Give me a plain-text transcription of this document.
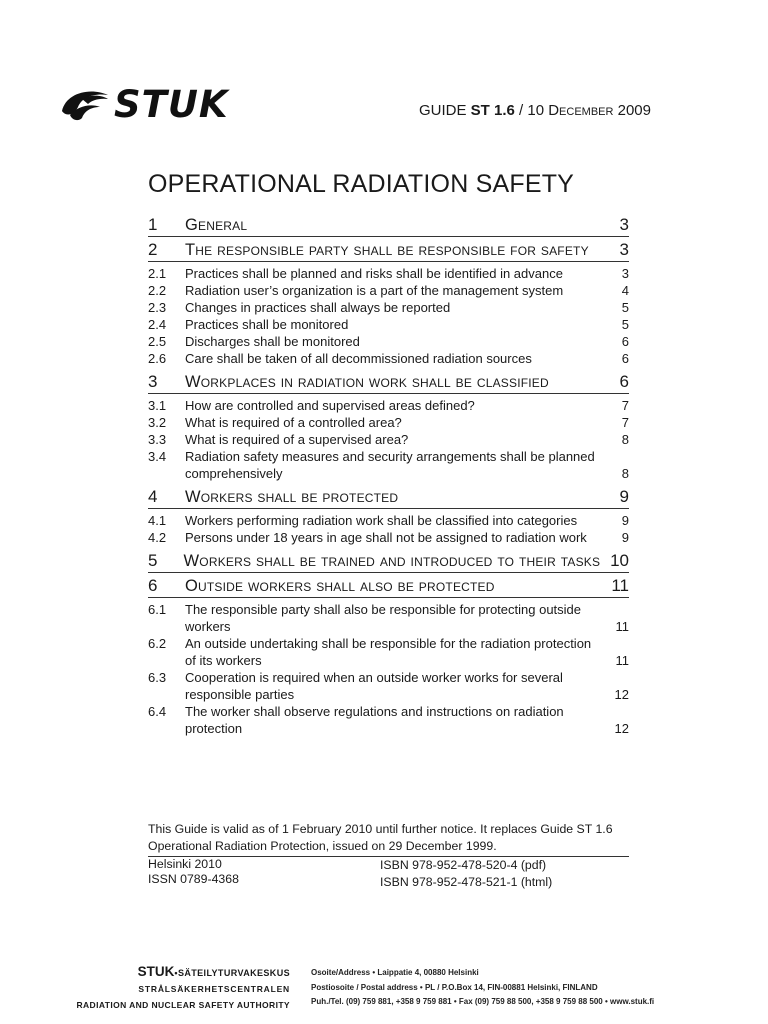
STUK	GUIDE ST 1.6 / 10 December 2009
OPERATIONAL RADIATION SAFETY
1	General	3
2	The responsible party shall be responsible for safety	3
2.1	Practices shall be planned and risks shall be identified in advance	3
2.2	Radiation user’s organization is a part of the management system	4
2.3	Changes in practices shall always be reported	5
2.4	Practices shall be monitored	5
2.5	Discharges shall be monitored	6
2.6	Care shall be taken of all decommissioned radiation sources	6
3	Workplaces in radiation work shall be classified	6
3.1	How are controlled and supervised areas defined?	7
3.2	What is required of a controlled area?	7
3.3	What is required of a supervised area?	8
3.4	Radiation safety measures and security arrangements shall be planned comprehensively	8
4	Workers shall be protected	9
4.1	Workers performing radiation work shall be classified into categories	9
4.2	Persons under 18 years in age shall not be assigned to radiation work	9
5	Workers shall be trained and introduced to their tasks 10
6	Outside workers shall also be protected	11
6.1	The responsible party shall also be responsible for protecting outside workers	11
6.2	An outside undertaking shall be responsible for the radiation protection of its workers	11
6.3	Cooperation is required when an outside worker works for several responsible parties	12
6.4	The worker shall observe regulations and instructions on radiation protection	12
This Guide is valid as of 1 February 2010 until further notice. It replaces Guide ST 1.6 Operational Radiation Protection, issued on 29 December 1999.
Helsinki 2010
ISSN 0789-4368
ISBN 978-952-478-520-4 (pdf)
ISBN 978-952-478-521-1 (html)
STUK•SÄTEILYTURVAKESKUS
STRÅLSÄKERHETSCENTRALEN
RADIATION AND NUCLEAR SAFETY AUTHORITY
Osoite/Address • Laippatie 4, 00880 Helsinki
Postiosoite / Postal address • PL / P.O.Box 14, FIN-00881 Helsinki, FINLAND
Puh./Tel. (09) 759 881, +358 9 759 881 • Fax (09) 759 88 500, +358 9 759 88 500 • www.stuk.fi
